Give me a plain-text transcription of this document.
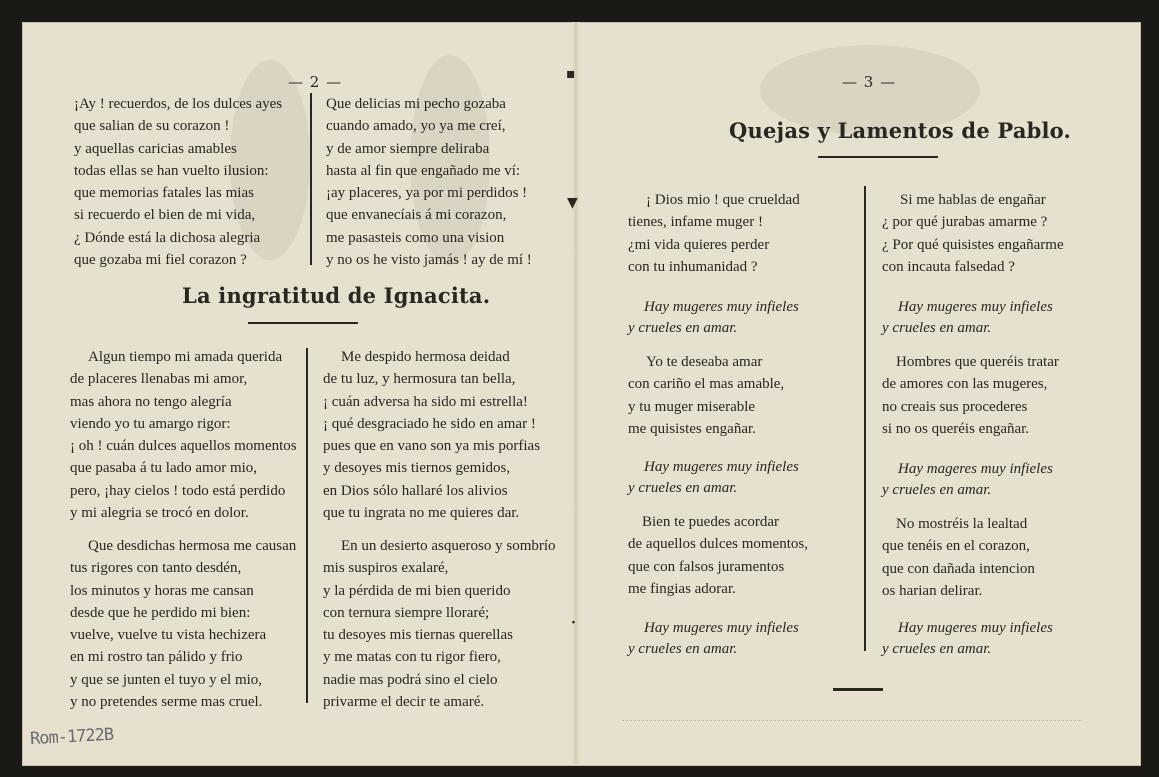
— 2 —
¡Ay ! recuerdos, de los dulces ayes
que salian de su corazon !
y aquellas caricias amables
todas ellas se han vuelto ilusion:
que memorias fatales las mias
si recuerdo el bien de mi vida,
¿ Dónde está la dichosa alegria
que gozaba mi fiel corazon ?
Que delicias mi pecho gozaba
cuando amado, yo ya me creí,
y de amor siempre deliraba
hasta al fin que engañado me ví:
¡ay placeres, ya por mi perdidos !
que envanecíais á mi corazon,
me pasasteis como una vision
y no os he visto jamás ! ay de mí !
La ingratitud de Ignacita.
Algun tiempo mi amada querida
de placeres llenabas mi amor,
mas ahora no tengo alegría
viendo yo tu amargo rigor:
¡ oh ! cuán dulces aquellos momentos
que pasaba á tu lado amor mio,
pero, ¡hay cielos ! todo está perdido
y mi alegria se trocó en dolor.
Que desdichas hermosa me causan
tus rigores con tanto desdén,
los minutos y horas me cansan
desde que he perdido mi bien:
vuelve, vuelve tu vista hechizera
en mi rostro tan pálido y frio
y que se junten el tuyo y el mio,
y no pretendes serme mas cruel.
Me despido hermosa deidad
de tu luz, y hermosura tan bella,
¡ cuán adversa ha sido mi estrella!
¡ qué desgraciado he sido en amar !
pues que en vano son ya mis porfias
y desoyes mis tiernos gemidos,
en Dios sólo hallaré los alivios
que tu ingrata no me quieres dar.
En un desierto asqueroso y sombrío
mis suspiros exalaré,
y la pérdida de mi bien querido
con ternura siempre lloraré;
tu desoyes mis tiernas querellas
y me matas con tu rigor fiero,
nadie mas podrá sino el cielo
privarme el decir te amaré.
Rom-1722B
▪
▼
·
— 3 —
Quejas y Lamentos de Pablo.
¡ Dios mio ! que crueldad
tienes, infame muger !
¿mi vida quieres perder
con tu inhumanidad ?
Hay mugeres muy infieles
y crueles en amar.
Yo te deseaba amar
con cariño el mas amable,
y tu muger miserable
me quisistes engañar.
Hay mugeres muy infieles
y crueles en amar.
Bien te puedes acordar
de aquellos dulces momentos,
que con falsos juramentos
me fingias adorar.
Hay mugeres muy infieles
y crueles en amar.
Si me hablas de engañar
¿ por qué jurabas amarme ?
¿ Por qué quisistes engañarme
con incauta falsedad ?
Hay mugeres muy infieles
y crueles en amar.
Hombres que queréis tratar
de amores con las mugeres,
no creais sus procederes
si no os queréis engañar.
Hay mageres muy infieles
y crueles en amar.
No mostréis la lealtad
que tenéis en el corazon,
que con dañada intencion
os harian delirar.
Hay mugeres muy infieles
y crueles en amar.
